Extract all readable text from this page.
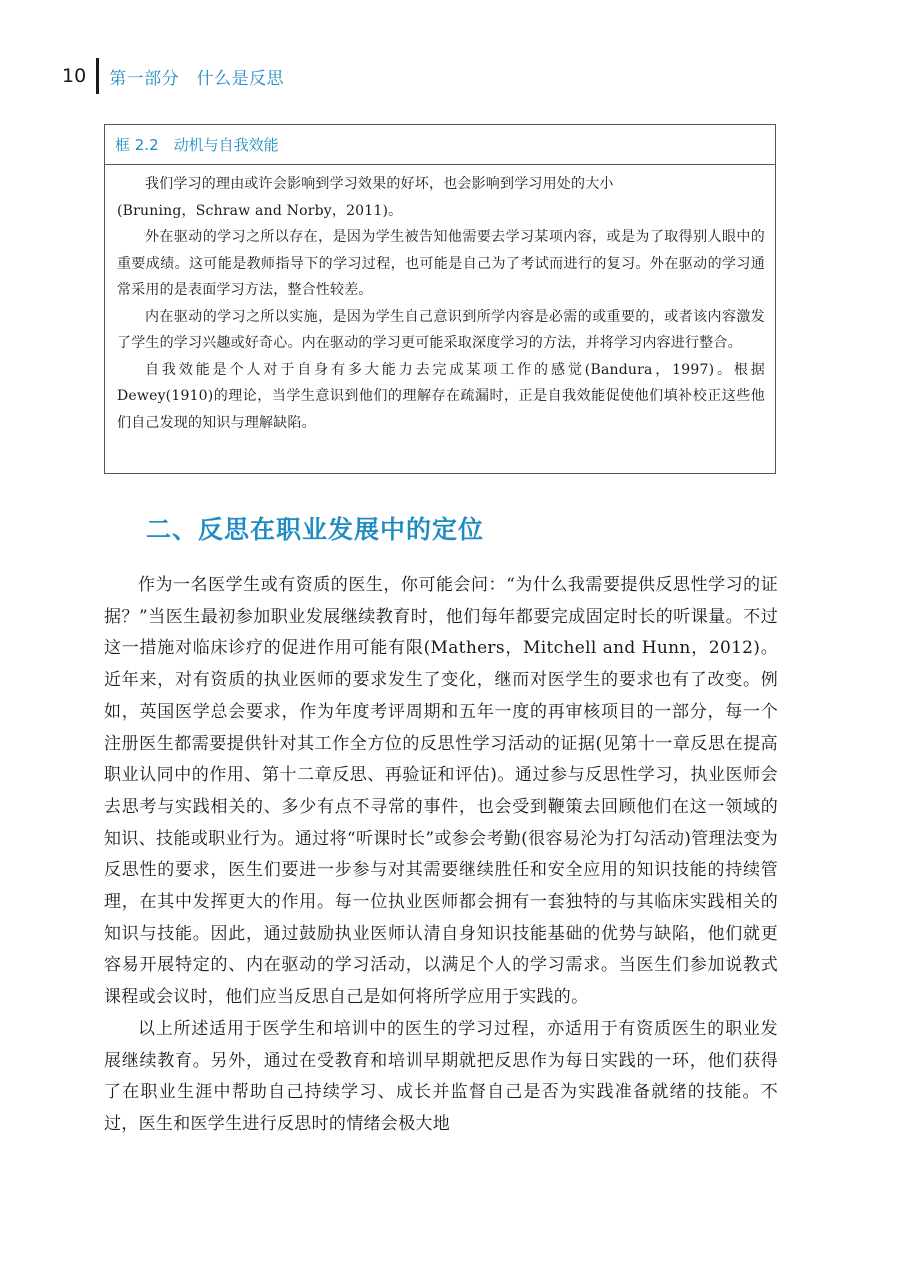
10 第一部分　什么是反思
框 2.2　动机与自我效能

我们学习的理由或许会影响到学习效果的好坏，也会影响到学习用处的大小

(Bruning，Schraw and Norby，2011)。

外在驱动的学习之所以存在，是因为学生被告知他需要去学习某项内容，或是为了取得别人眼中的重要成绩。这可能是教师指导下的学习过程，也可能是自己为了考试而进行的复习。外在驱动的学习通常采用的是表面学习方法，整合性较差。

内在驱动的学习之所以实施，是因为学生自己意识到所学内容是必需的或重要的，或者该内容激发了学生的学习兴趣或好奇心。内在驱动的学习更可能采取深度学习的方法，并将学习内容进行整合。

自我效能是个人对于自身有多大能力去完成某项工作的感觉(Bandura，1997)。根据 Dewey(1910)的理论，当学生意识到他们的理解存在疏漏时，正是自我效能促使他们填补校正这些他们自己发现的知识与理解缺陷。

二、反思在职业发展中的定位

作为一名医学生或有资质的医生，你可能会问：“为什么我需要提供反思性学习的证据？”当医生最初参加职业发展继续教育时，他们每年都要完成固定时长的听课量。不过这一措施对临床诊疗的促进作用可能有限(Mathers，Mitchell and Hunn，2012)。近年来，对有资质的执业医师的要求发生了变化，继而对医学生的要求也有了改变。例如，英国医学总会要求，作为年度考评周期和五年一度的再审核项目的一部分，每一个注册医生都需要提供针对其工作全方位的反思性学习活动的证据(见第十一章反思在提高职业认同中的作用、第十二章反思、再验证和评估)。通过参与反思性学习，执业医师会去思考与实践相关的、多少有点不寻常的事件，也会受到鞭策去回顾他们在这一领域的知识、技能或职业行为。通过将“听课时长”或参会考勤(很容易沦为打勾活动)管理法变为反思性的要求，医生们要进一步参与对其需要继续胜任和安全应用的知识技能的持续管理，在其中发挥更大的作用。每一位执业医师都会拥有一套独特的与其临床实践相关的知识与技能。因此，通过鼓励执业医师认清自身知识技能基础的优势与缺陷，他们就更容易开展特定的、内在驱动的学习活动，以满足个人的学习需求。当医生们参加说教式课程或会议时，他们应当反思自己是如何将所学应用于实践的。

以上所述适用于医学生和培训中的医生的学习过程，亦适用于有资质医生的职业发展继续教育。另外，通过在受教育和培训早期就把反思作为每日实践的一环，他们获得了在职业生涯中帮助自己持续学习、成长并监督自己是否为实践准备就绪的技能。不过，医生和医学生进行反思时的情绪会极大地
